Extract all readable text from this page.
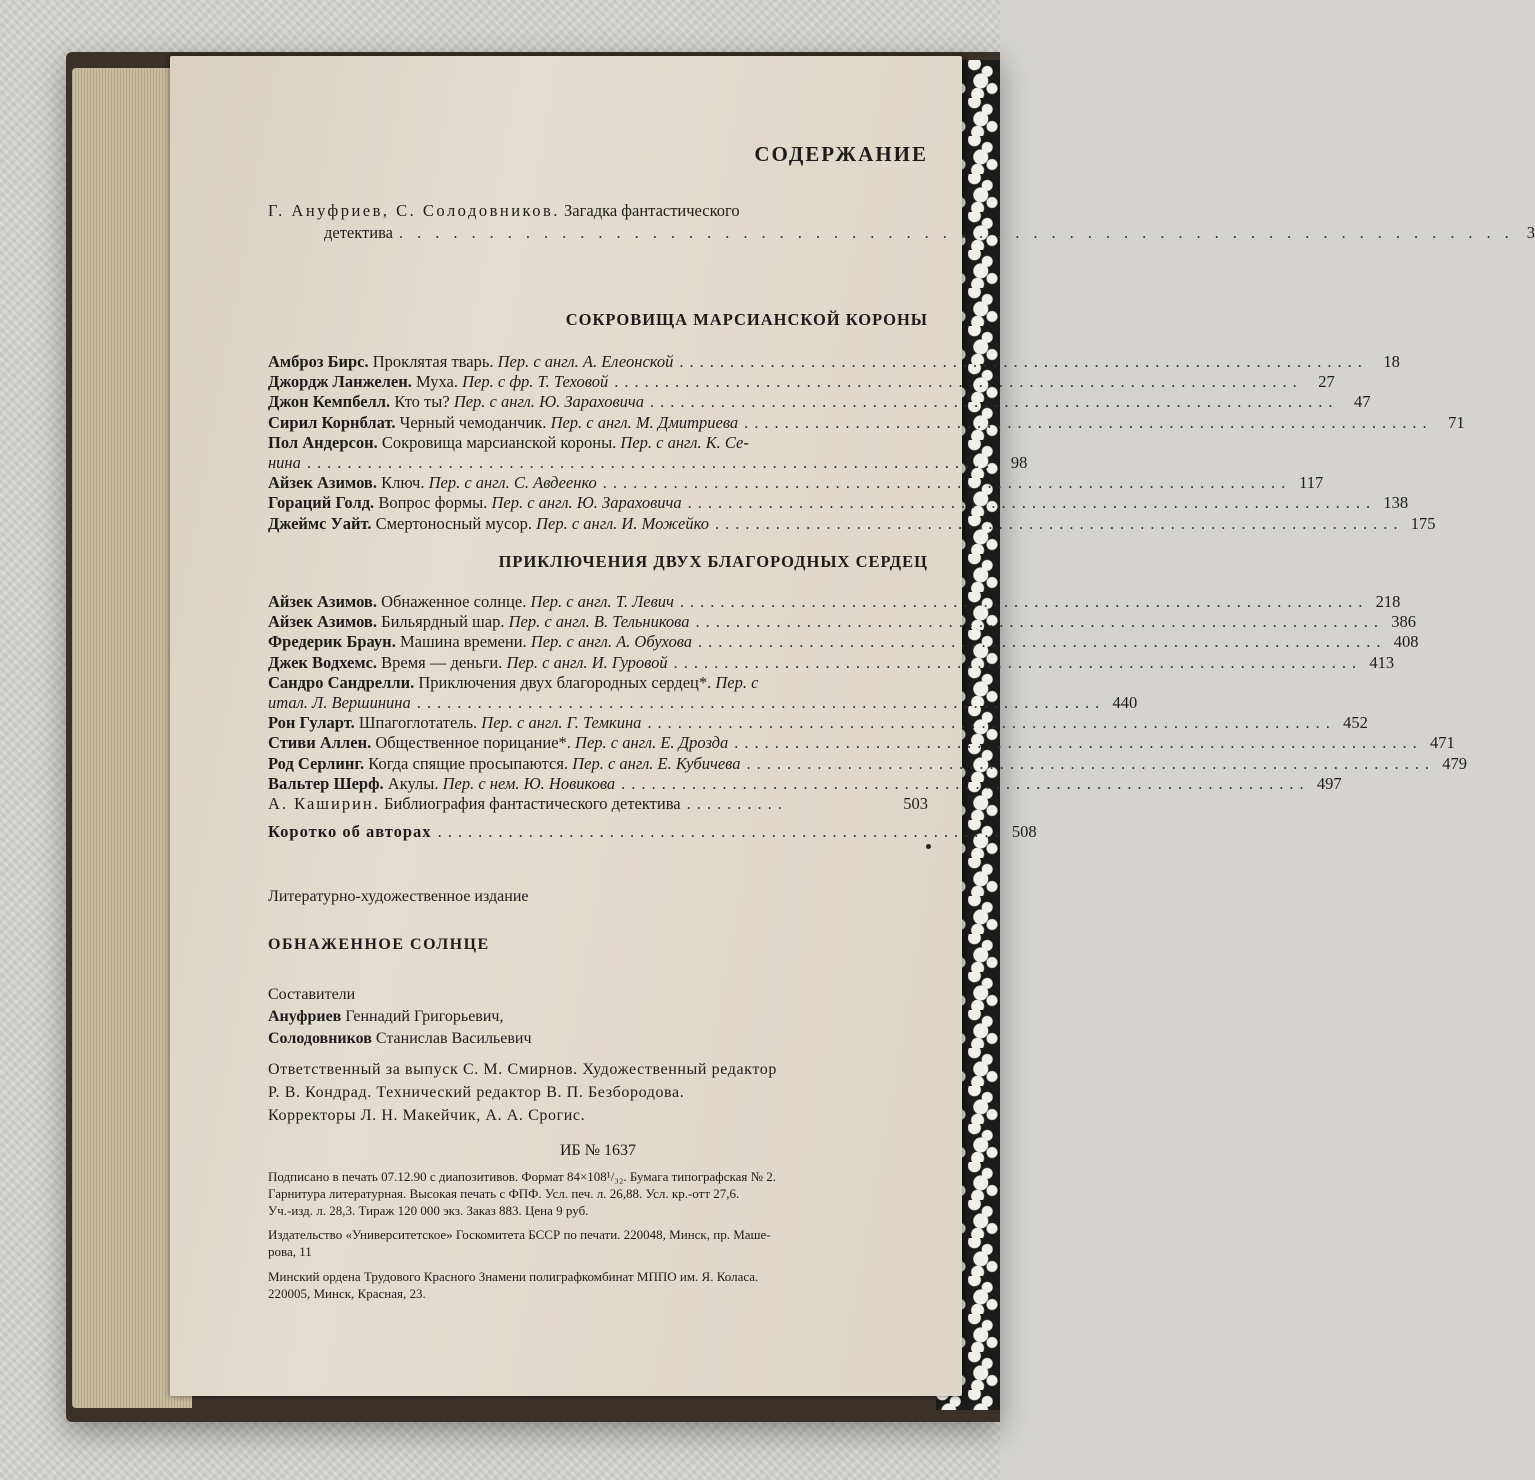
СОДЕРЖАНИЕ
Г. Ануфриев, С. Солодовников. Загадка фантастического
детектива .............................................................. 3
СОКРОВИЩА МАРСИАНСКОЙ КОРОНЫ
Амброз Бирс.
Проклятая тварь.
Пер. с англ. А. Елеонской .................................................................... 18
Джордж Ланжелен.
Муха.
Пер. с фр. Т. Теховой .................................................................... 27
Джон Кемпбелл.
Кто ты?
Пер. с англ. Ю. Зараховича .................................................................... 47
Сирил Корнблат.
Черный чемоданчик.
Пер. с англ. М. Дмитриева .................................................................... 71
Пол Андерсон.
Сокровища марсианской короны.
Пер. с англ. К. Се-
нина .................................................................... 98
Айзек Азимов.
Ключ.
Пер. с англ. С. Авдеенко .................................................................... 117
Гораций Голд.
Вопрос формы.
Пер. с англ. Ю. Зараховича .................................................................... 138
Джеймс Уайт.
Смертоносный мусор.
Пер. с англ. И. Можейко .................................................................... 175
ПРИКЛЮЧЕНИЯ ДВУХ БЛАГОРОДНЫХ СЕРДЕЦ
Айзек Азимов.
Обнаженное солнце.
Пер. с англ. Т. Левич .................................................................... 218
Айзек Азимов.
Бильярдный шар.
Пер. с англ. В. Тельникова .................................................................... 386
Фредерик Браун.
Машина времени.
Пер. с англ. А. Обухова .................................................................... 408
Джек Водхемс.
Время — деньги.
Пер. с англ. И. Гуровой .................................................................... 413
Сандро Сандрелли.
Приключения двух благородных сердец*.
Пер. с
итал. Л. Вершинина .................................................................... 440
Рон Гуларт.
Шпагоглотатель.
Пер. с англ. Г. Темкина .................................................................... 452
Стиви Аллен.
Общественное порицание*.
Пер. с англ. Е. Дрозда .................................................................... 471
Род Серлинг.
Когда спящие просыпаются.
Пер. с англ. Е. Кубичева .................................................................... 479
Вальтер Шерф.
Акулы.
Пер. с нем. Ю. Новикова .................................................................... 497
А. Каширин.
Библиография фантастического детектива ..........	503
Коротко об авторах ........................................................ 508
Литературно-художественное издание
ОБНАЖЕННОЕ СОЛНЦЕ
Составители
Ануфриев Геннадий Григорьевич,
Солодовников Станислав Васильевич
Ответственный за выпуск С. М. Смирнов. Художественный редактор
Р. В. Кондрад. Технический редактор В. П. Безбородова.
Корректоры Л. Н. Макейчик, А. А. Срогис.
ИБ № 1637
Подписано в печать 07.12.90 с диапозитивов. Формат 84×108¹/₃₂. Бумага типографская № 2.
Гарнитура литературная. Высокая печать с ФПФ. Усл. печ. л. 26,88. Усл. кр.-отт 27,6.
Уч.-изд. л. 28,3. Тираж 120 000 экз. Заказ 883. Цена 9 руб.
Издательство «Университетское» Госкомитета БССР по печати. 220048, Минск, пр. Машe-
рова, 11
Минский ордена Трудового Красного Знамени полиграфкомбинат МППО им. Я. Коласа.
220005, Минск, Красная, 23.
